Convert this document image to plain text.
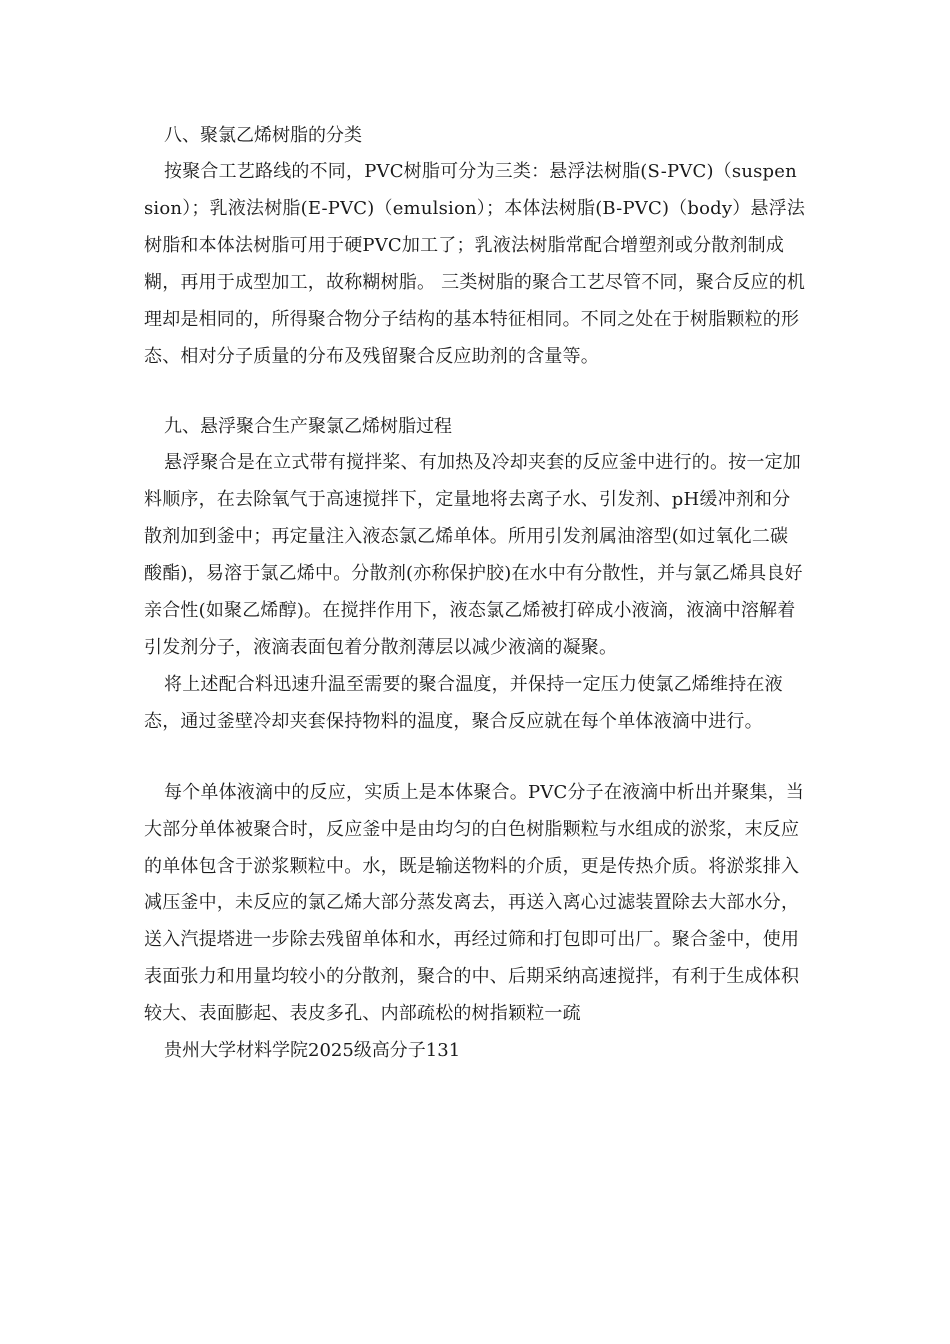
八、聚氯乙烯树脂的分类

按聚合工艺路线的不同，PVC树脂可分为三类：悬浮法树脂(S-PVC)（suspension）；乳液法树脂(E-PVC)（emulsion）；本体法树脂(B-PVC)（body）悬浮法树脂和本体法树脂可用于硬PVC加工了；乳液法树脂常配合增塑剂或分散剂制成糊，再用于成型加工，故称糊树脂。 三类树脂的聚合工艺尽管不同，聚合反应的机理却是相同的，所得聚合物分子结构的基本特征相同。不同之处在于树脂颗粒的形态、相对分子质量的分布及残留聚合反应助剂的含量等。

九、悬浮聚合生产聚氯乙烯树脂过程

悬浮聚合是在立式带有搅拌桨、有加热及冷却夹套的反应釜中进行的。按一定加料顺序，在去除氧气于高速搅拌下，定量地将去离子水、引发剂、pH缓冲剂和分散剂加到釜中；再定量注入液态氯乙烯单体。所用引发剂属油溶型(如过氧化二碳酸酯)，易溶于氯乙烯中。分散剂(亦称保护胶)在水中有分散性，并与氯乙烯具良好亲合性(如聚乙烯醇)。在搅拌作用下，液态氯乙烯被打碎成小液滴，液滴中溶解着引发剂分子，液滴表面包着分散剂薄层以减少液滴的凝聚。

将上述配合料迅速升温至需要的聚合温度，并保持一定压力使氯乙烯维持在液态，通过釜壁冷却夹套保持物料的温度，聚合反应就在每个单体液滴中进行。

每个单体液滴中的反应，实质上是本体聚合。PVC分子在液滴中析出并聚集，当大部分单体被聚合时，反应釜中是由均匀的白色树脂颗粒与水组成的淤浆，末反应的单体包含于淤浆颗粒中。水，既是输送物料的介质，更是传热介质。将淤浆排入减压釜中，未反应的氯乙烯大部分蒸发离去，再送入离心过滤装置除去大部水分，送入汽提塔进一步除去残留单体和水，再经过筛和打包即可出厂。聚合釜中，使用表面张力和用量均较小的分散剂，聚合的中、后期采纳高速搅拌，有利于生成体积较大、表面膨起、表皮多孔、内部疏松的树指颖粒一疏

贵州大学材料学院2025级高分子131
